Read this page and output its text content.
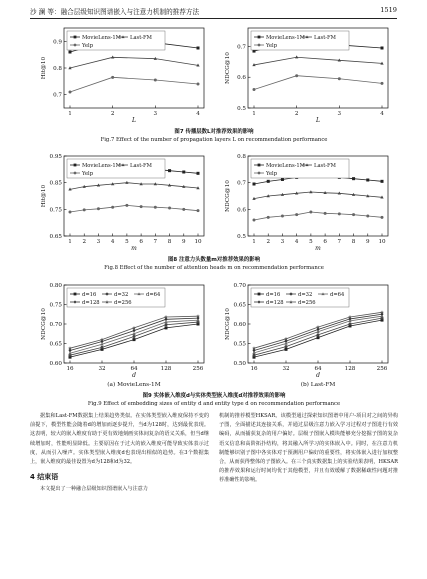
沙 澜 等：融合层级知识图谱嵌入与注意力机制的推荐方法	1519
0.7
0.8
0.9
1	2	3	4
Hit@10
L
MovieLens-1M Last-FM
Yelp
0.5
0.6
0.7
1	2	3	4
NDCG@10
L
MovieLens-1M Last-FM
Yelp
图7 传播层数L对推荐效果的影响
Fig.7 Effect of the number of propagation layers L on recommendation performance
0.65
0.75
0.85
0.95
1 2 3 4 5 6 7 8 9 10
Hit@10
m
MovieLens-1M Last-FM
Yelp
0.5
0.6
0.7
0.8
1 2 3 4 5 6 7 8 9 10
NDCG@10
m
MovieLens-1M Last-FM
Yelp
图8 注意力头数量m对推荐效果的影响
Fig.8 Effect of the number of attention heads m on recommendation performance
0.60
0.65
0.70
0.75
0.80
16	32	64	128	256
NDCG@10
d
(a) MovieLens-1M
d=16	d=32	d=64
d=128	d=256
0.50
0.55
0.60
0.65
0.70
16	32	64	128	256
NDCG@10
d
(b) Last-FM
d=16	d=32	d=64
d=128	d=256
图9 实体嵌入维度d与实体类型嵌入维度d对推荐效果的影响
Fig.9 Effect of embedding sizes of entity d and entity type d on recommendation performance

据集和Last-FM数据集上结果趋势类似。在实体类型嵌入维度保持不变的前提下，模型性能会随着d的增加而逐步提升，当d为128时，达到最优表现。这表明，较大的嵌入维度有助于更有效地刻画实体间复杂的语义关系，但当d继续增加时，性能明显降低。主要原因在于过大的嵌入维度可能导致实体表示过度，从而引入噪声。实体类型嵌入维度d也表现出相似的趋势。在3个数据集上，嵌入维度的最佳设置为d为128和d为32。

4 结束语

本文提出了一种融合层级知识图谱嵌入与注意力

机制的推荐模型HKSAR。该模型通过探索知识图谱中用户-项目对之间的异构子图，全面描述其连接关系，并通过层级注意力嵌入学习过程对子图进行有效编码，从而捕获复杂的用户偏好。层级子图嵌入模块能够充分挖掘子图的复杂语义信息和高阶拓扑结构，将其融入所学习的实体嵌入中。同时，在注意力机制能够识别子图中各实体对于预测用户偏好的重要性，将实体嵌入进行加权整合，从而获得整体的子图嵌入。在三个真实数据集上的实验结果表明，HKSAR的推荐效果和运行时间均优于其他模型，并且有效缓解了数据稀疏性问题对推荐准确性的影响。
